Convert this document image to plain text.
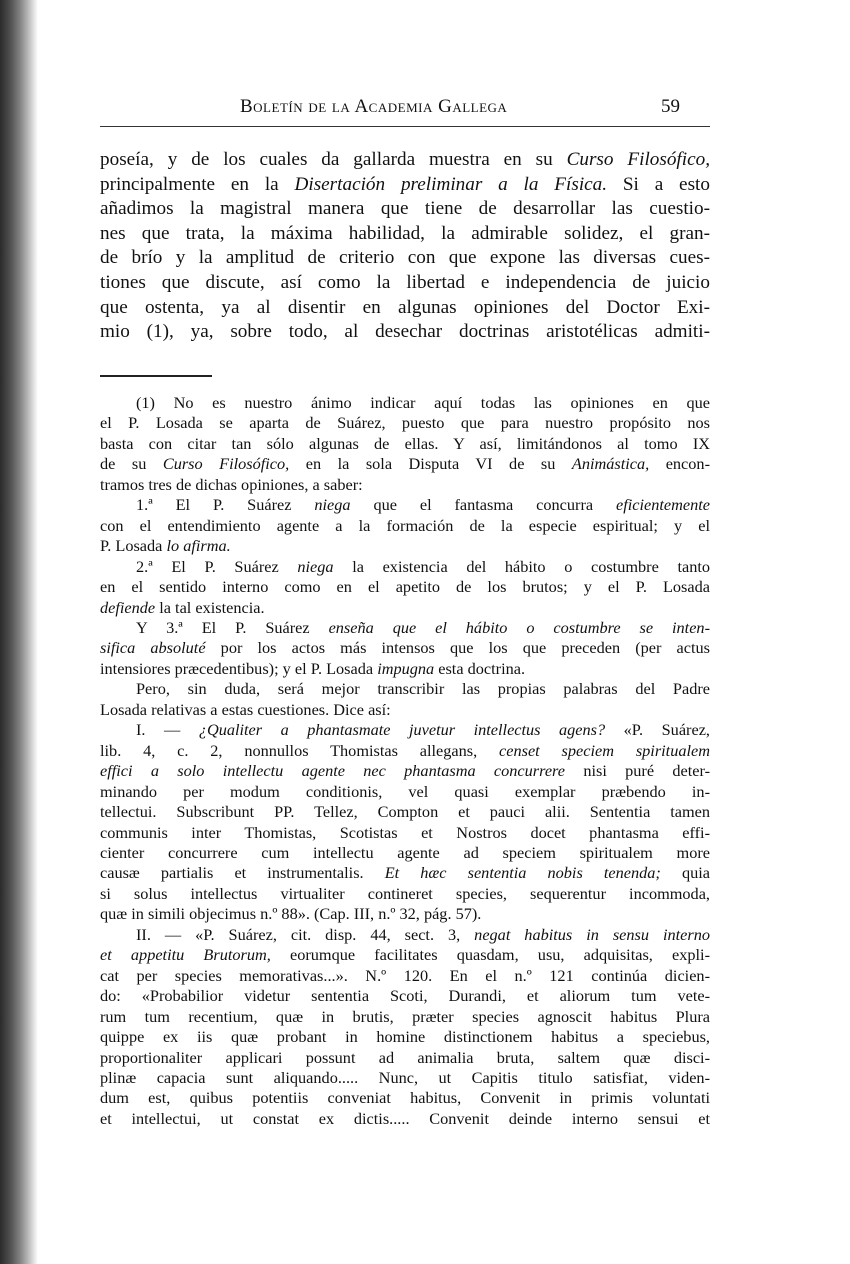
Boletín de la Academia Gallega	59
poseía, y de los cuales da gallarda muestra en su Curso Filosófico,
principalmente en la Disertación preliminar a la Física. Si a esto
añadimos la magistral manera que tiene de desarrollar las cuestio-
nes que trata, la máxima habilidad, la admirable solidez, el gran-
de brío y la amplitud de criterio con que expone las diversas cues-
tiones que discute, así como la libertad e independencia de juicio
que ostenta, ya al disentir en algunas opiniones del Doctor Exi-
mio (1), ya, sobre todo, al desechar doctrinas aristotélicas admiti-
(1) No es nuestro ánimo indicar aquí todas las opiniones en que
el P. Losada se aparta de Suárez, puesto que para nuestro propósito nos
basta con citar tan sólo algunas de ellas. Y así, limitándonos al tomo IX
de su Curso Filosófico, en la sola Disputa VI de su Animástica, encon-
tramos tres de dichas opiniones, a saber:
1.ª El P. Suárez niega que el fantasma concurra eficientemente
con el entendimiento agente a la formación de la especie espiritual; y el
P. Losada lo afirma.
2.ª El P. Suárez niega la existencia del hábito o costumbre tanto
en el sentido interno como en el apetito de los brutos; y el P. Losada
defiende la tal existencia.
Y 3.ª El P. Suárez enseña que el hábito o costumbre se inten-
sifica absoluté por los actos más intensos que los que preceden (per actus
intensiores præcedentibus); y el P. Losada impugna esta doctrina.
Pero, sin duda, será mejor transcribir las propias palabras del Padre
Losada relativas a estas cuestiones. Dice así:
I. — ¿Qualiter a phantasmate juvetur intellectus agens? «P. Suárez,
lib. 4, c. 2, nonnullos Thomistas allegans, censet speciem spiritualem
effici a solo intellectu agente nec phantasma concurrere nisi puré deter-
minando per modum conditionis, vel quasi exemplar præbendo in-
tellectui. Subscribunt PP. Tellez, Compton et pauci alii. Sententia tamen
communis inter Thomistas, Scotistas et Nostros docet phantasma effi-
cienter concurrere cum intellectu agente ad speciem spiritualem more
causæ partialis et instrumentalis. Et hæc sententia nobis tenenda; quia
si solus intellectus virtualiter contineret species, sequerentur incommoda,
quæ in simili objecimus n.º 88». (Cap. III, n.º 32, pág. 57).
II. — «P. Suárez, cit. disp. 44, sect. 3, negat habitus in sensu interno
et appetitu Brutorum, eorumque facilitates quasdam, usu, adquisitas, expli-
cat per species memorativas...». N.º 120. En el n.º 121 continúa dicien-
do: «Probabilior videtur sententia Scoti, Durandi, et aliorum tum vete-
rum tum recentium, quæ in brutis, præter species agnoscit habitus Plura
quippe ex iis quæ probant in homine distinctionem habitus a speciebus,
proportionaliter applicari possunt ad animalia bruta, saltem quæ disci-
plinæ capacia sunt aliquando..... Nunc, ut Capitis titulo satisfiat, viden-
dum est, quibus potentiis conveniat habitus, Convenit in primis voluntati
et intellectui, ut constat ex dictis..... Convenit deinde interno sensui et
